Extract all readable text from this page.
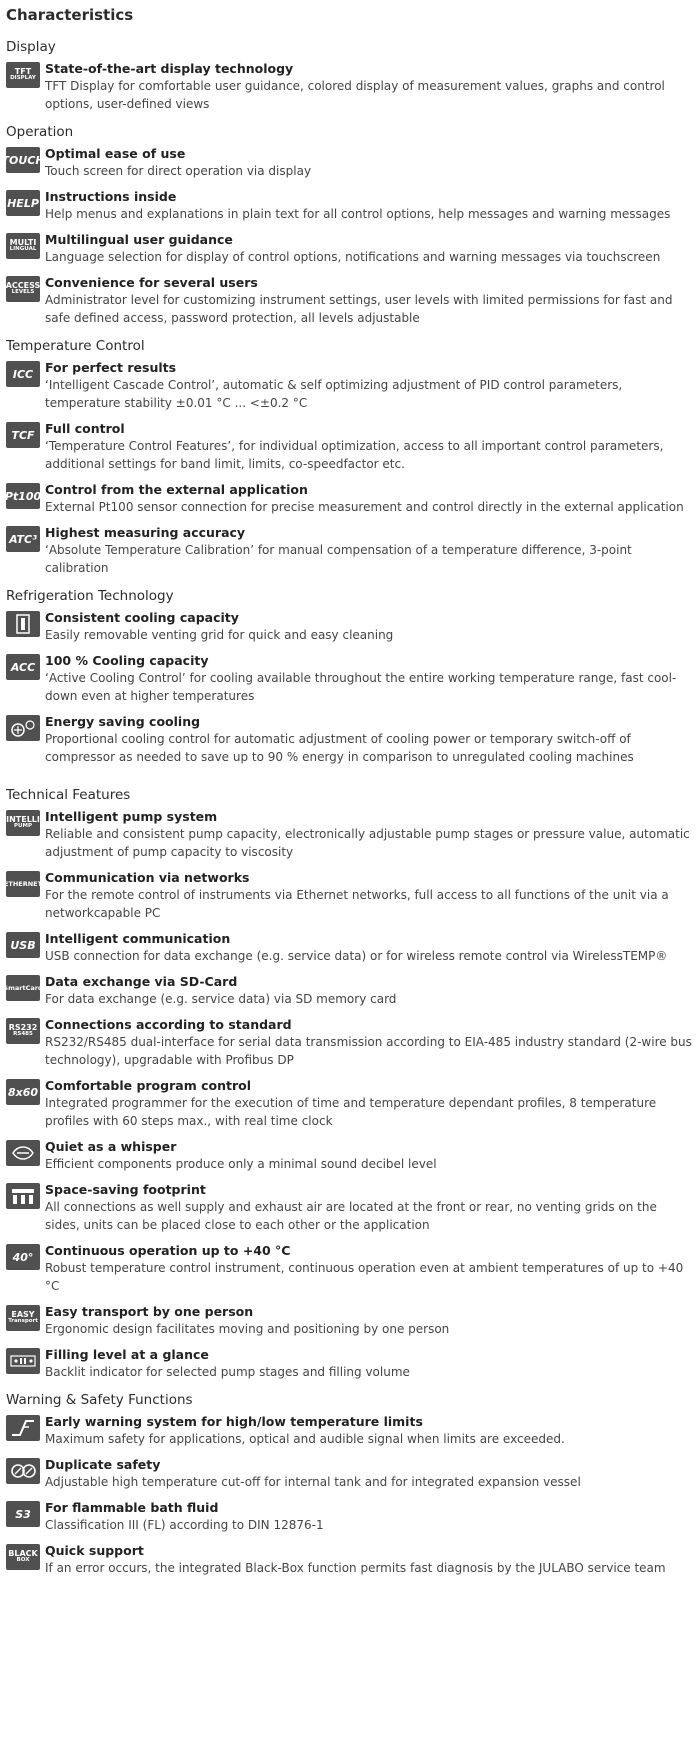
Characteristics
Display
TFT
DISPLAY
State-of-the-art display technology
TFT Display for comfortable user guidance, colored display of measurement values, graphs and control options, user-defined views
Operation
TOUCH Optimal ease of use
Touch screen for direct operation via display
HELP Instructions inside
Help menus and explanations in plain text for all control options, help messages and warning messages
MULTI
LINGUAL
Multilingual user guidance
Language selection for display of control options, notifications and warning messages via touchscreen
ACCESS
LEVELS
Convenience for several users
Administrator level for customizing instrument settings, user levels with limited permissions for fast and safe defined access, password protection, all levels adjustable
Temperature Control
ICC For perfect results
‘Intelligent Cascade Control’, automatic & self optimizing adjustment of PID control parameters, temperature stability ±0.01 °C ... <±0.2 °C
TCF Full control
‘Temperature Control Features’, for individual optimization, access to all important control parameters, additional settings for band limit, limits, co-speedfactor etc.
Pt100 Control from the external application
External Pt100 sensor connection for precise measurement and control directly in the external application
ATC³ Highest measuring accuracy
‘Absolute Temperature Calibration’ for manual compensation of a temperature difference, 3-point calibration
Refrigeration Technology
Consistent cooling capacity
Easily removable venting grid for quick and easy cleaning
ACC 100 % Cooling capacity
‘Active Cooling Control’ for cooling available throughout the entire working temperature range, fast cool-down even at higher temperatures
Energy saving cooling
Proportional cooling control for automatic adjustment of cooling power or temporary switch-off of compressor as needed to save up to 90 % energy in comparison to unregulated cooling machines
Technical Features
INTELLI
PUMP
Intelligent pump system
Reliable and consistent pump capacity, electronically adjustable pump stages or pressure value, automatic adjustment of pump capacity to viscosity
ETHERNET Communication via networks
For the remote control of instruments via Ethernet networks, full access to all functions of the unit via a networkcapable PC
USB Intelligent communication
USB connection for data exchange (e.g. service data) or for wireless remote control via WirelessTEMP®
SmartCard Data exchange via SD-Card
For data exchange (e.g. service data) via SD memory card
RS232
RS485
Connections according to standard
RS232/RS485 dual-interface for serial data transmission according to EIA-485 industry standard (2-wire bus technology), upgradable with Profibus DP
8x60 Comfortable program control
Integrated programmer for the execution of time and temperature dependant profiles, 8 temperature profiles with 60 steps max., with real time clock
Quiet as a whisper
Efficient components produce only a minimal sound decibel level
Space-saving footprint
All connections as well supply and exhaust air are located at the front or rear, no venting grids on the sides, units can be placed close to each other or the application
40° Continuous operation up to +40 °C
Robust temperature control instrument, continuous operation even at ambient temperatures of up to +40 °C
EASY
Transport
Easy transport by one person
Ergonomic design facilitates moving and positioning by one person
Filling level at a glance
Backlit indicator for selected pump stages and filling volume
Warning & Safety Functions
Early warning system for high/low temperature limits
Maximum safety for applications, optical and audible signal when limits are exceeded.
Duplicate safety
Adjustable high temperature cut-off for internal tank and for integrated expansion vessel
S3 For flammable bath fluid
Classification III (FL) according to DIN 12876-1
BLACK
BOX
Quick support
If an error occurs, the integrated Black-Box function permits fast diagnosis by the JULABO service team
